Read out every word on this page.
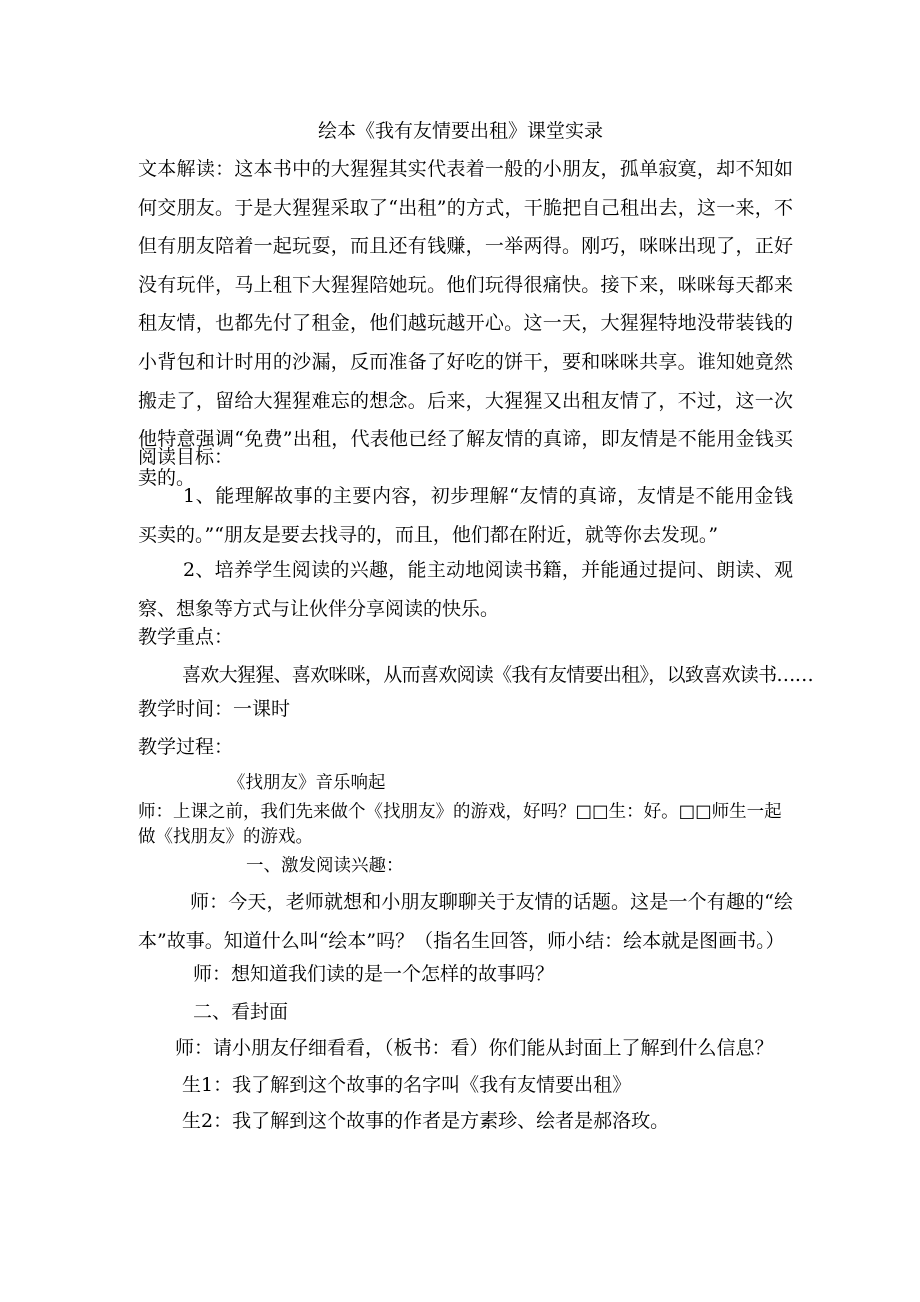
绘本《我有友情要出租》课堂实录
文本解读：这本书中的大猩猩其实代表着一般的小朋友，孤单寂寞，却不知如何交朋友。于是大猩猩采取了“出租”的方式，干脆把自己租出去，这一来，不但有朋友陪着一起玩耍，而且还有钱赚，一举两得。刚巧，咪咪出现了，正好没有玩伴，马上租下大猩猩陪她玩。他们玩得很痛快。接下来，咪咪每天都来租友情，也都先付了租金，他们越玩越开心。这一天，大猩猩特地没带装钱的小背包和计时用的沙漏，反而准备了好吃的饼干，要和咪咪共享。谁知她竟然搬走了，留给大猩猩难忘的想念。后来，大猩猩又出租友情了，不过，这一次他特意强调“免费”出租，代表他已经了解友情的真谛，即友情是不能用金钱买卖的。
阅读目标：
1、能理解故事的主要内容，初步理解“友情的真谛，友情是不能用金钱买卖的。”“朋友是要去找寻的，而且，他们都在附近，就等你去发现。”
2、培养学生阅读的兴趣，能主动地阅读书籍，并能通过提问、朗读、观察、想象等方式与让伙伴分享阅读的快乐。
教学重点：
喜欢大猩猩、喜欢咪咪，从而喜欢阅读《我有友情要出租》，以致喜欢读书……
教学时间：一课时
教学过程：
《找朋友》音乐响起
师：上课之前，我们先来做个《找朋友》的游戏，好吗？□□生：好。□□师生一起做《找朋友》的游戏。
一、激发阅读兴趣：
师：今天，老师就想和小朋友聊聊关于友情的话题。这是一个有趣的“绘本”故事。知道什么叫“绘本”吗？（指名生回答，师小结：绘本就是图画书。）
师：想知道我们读的是一个怎样的故事吗？
二、看封面
师：请小朋友仔细看看，（板书：看）你们能从封面上了解到什么信息？
生1：我了解到这个故事的名字叫《我有友情要出租》
生2：我了解到这个故事的作者是方素珍、绘者是郝洛玫。
